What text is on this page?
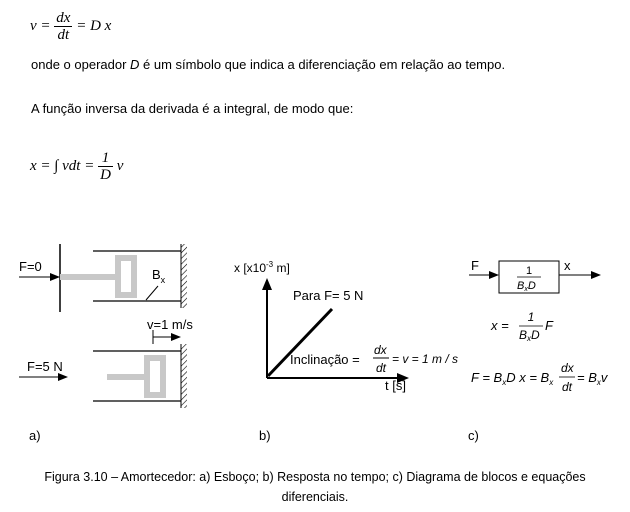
$v = \frac{dx}{dt} = D$ x
onde o operador D é um símbolo que indica a diferenciação em relação ao tempo.
A função inversa da derivada é a integral, de modo que:
x = ∫ vdt = $\frac{1}{D}$ v
F=0
$B_x$
v=1 m/s
F=5 N
x [$x10^{-3}$ m]
Para F= 5 N
Inclinação =
dx
dt
= v = 1 m / s
t [s]
F	1
BxD
x
x =
1
BxD
F
$F = B_xD$ $x = B_x$
dx
dt
= $B_xv$
a)	b)	c)
Figura 3.10 – Amortecedor: a) Esboço; b) Resposta no tempo; c) Diagrama de blocos e equações
diferenciais.
